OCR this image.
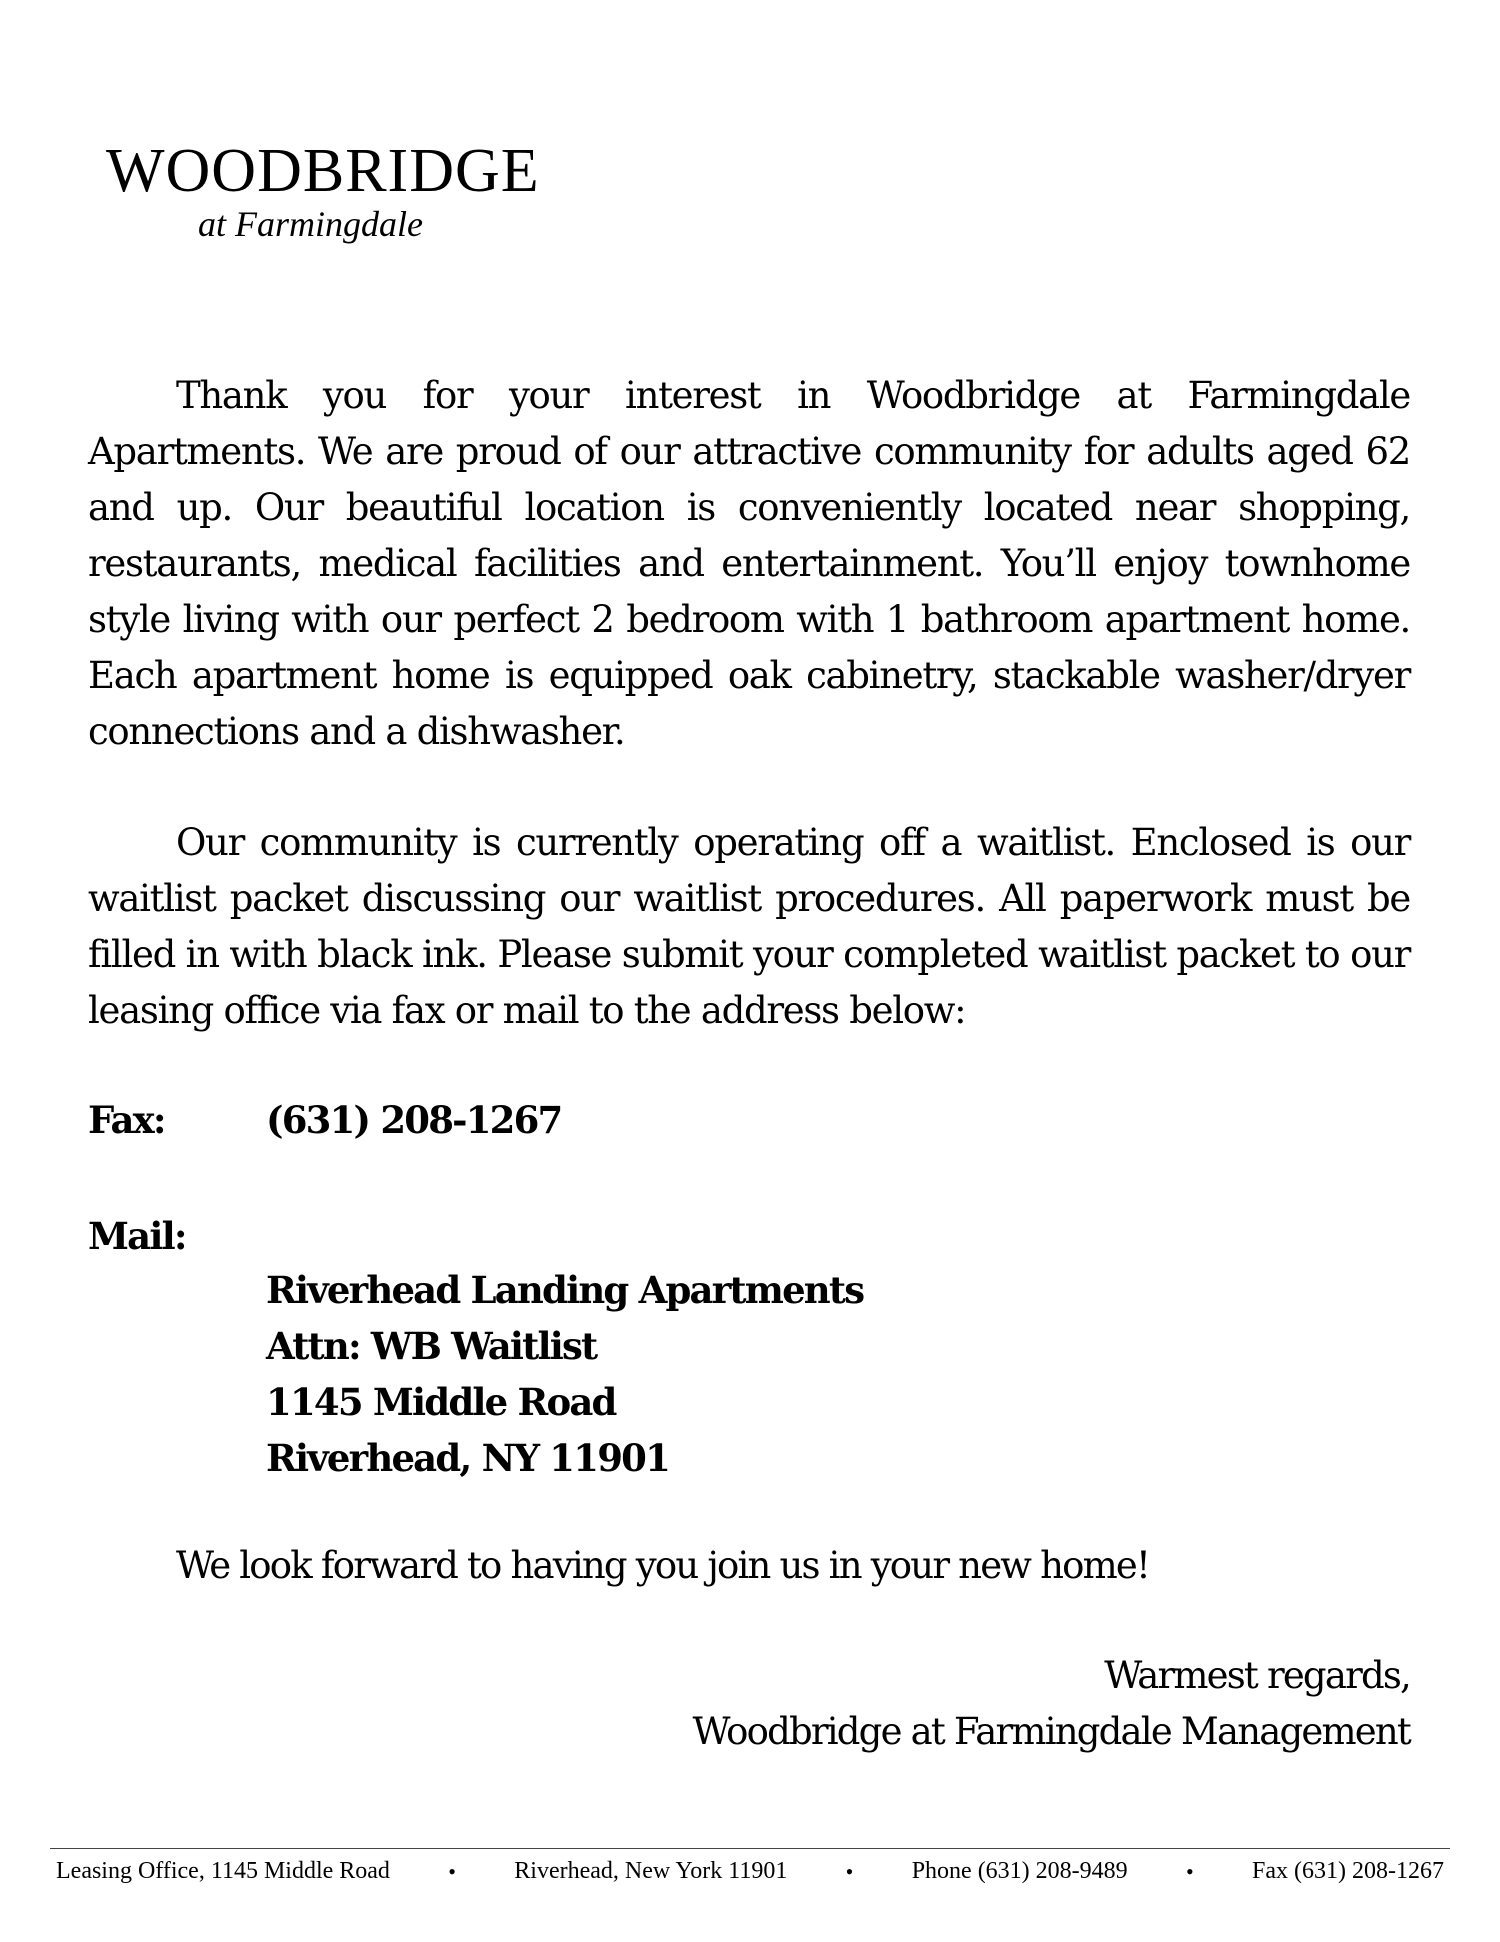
WOODBRIDGE
at Farmingdale

Thank you for your interest in Woodbridge at Farmingdale Apartments. We are proud of our attractive community for adults aged 62 and up. Our beautiful location is conveniently located near shopping, restaurants, medical facilities and entertainment. You’ll enjoy townhome style living with our perfect 2 bedroom with 1 bathroom apartment home. Each apartment home is equipped oak cabinetry, stackable washer/dryer connections and a dishwasher.

Our community is currently operating off a waitlist. Enclosed is our waitlist packet discussing our waitlist procedures. All paperwork must be filled in with black ink. Please submit your completed waitlist packet to our leasing office via fax or mail to the address below:

Fax:	(631) 208-1267
Mail:
Riverhead Landing Apartments
Attn: WB Waitlist
1145 Middle Road
Riverhead, NY 11901
We look forward to having you join us in your new home!
Warmest regards,
Woodbridge at Farmingdale Management
Leasing Office, 1145 Middle Road	• Riverhead, New York 11901	• Phone (631) 208-9489	• Fax (631) 208-1267
